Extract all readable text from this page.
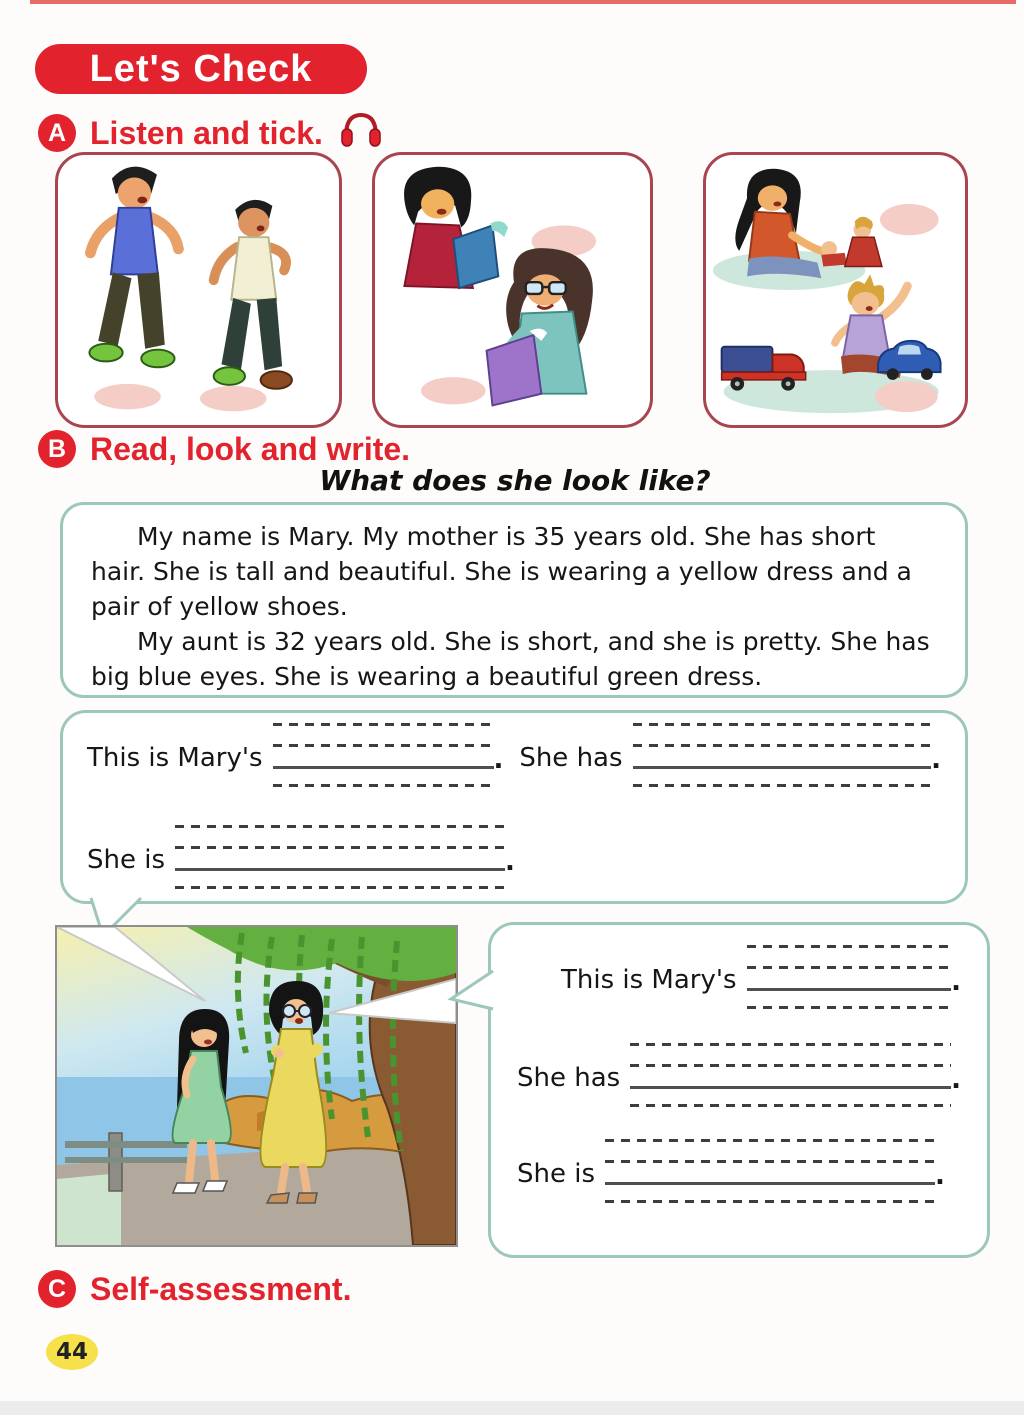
Let's Check
A Listen and tick.
B Read, look and write.
What does she look like?

My name is Mary. My mother is 35 years old. She has short hair. She is tall and beautiful. She is wearing a yellow dress and a pair of yellow shoes.

My aunt is 32 years old. She is short, and she is pretty. She has big blue eyes. She is wearing a beautiful green dress.

This is Mary's	. She has	.
She is	.
This is Mary's	.
She has	.
She is	.
C Self-assessment.
44
